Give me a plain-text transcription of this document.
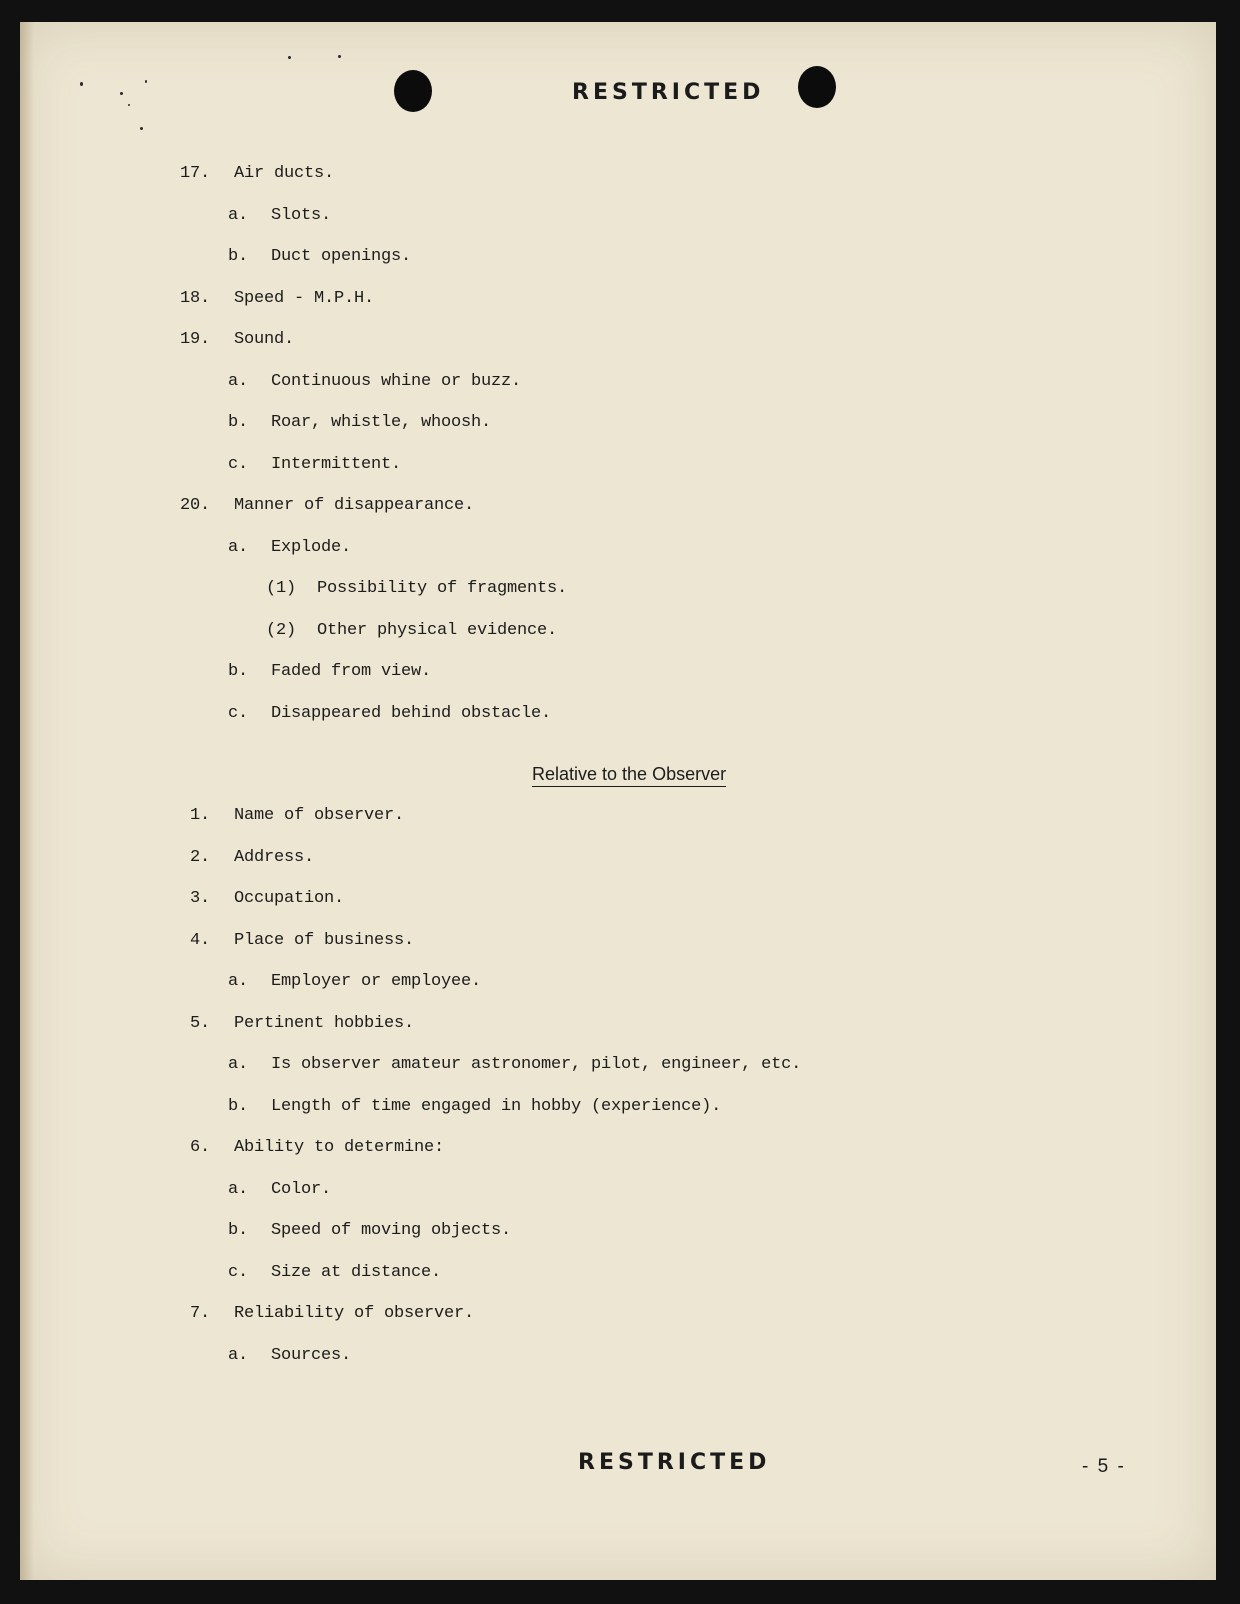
RESTRICTED
17. Air ducts.
a. Slots.
b. Duct openings.
18. Speed - M.P.H.
19. Sound.
a. Continuous whine or buzz.
b. Roar, whistle, whoosh.
c. Intermittent.
20. Manner of disappearance.
a. Explode.
(1) Possibility of fragments.
(2) Other physical evidence.
b. Faded from view.
c. Disappeared behind obstacle.
Relative to the Observer
1. Name of observer.
2. Address.
3. Occupation.
4. Place of business.
a. Employer or employee.
5. Pertinent hobbies.
a. Is observer amateur astronomer, pilot, engineer, etc.
b. Length of time engaged in hobby (experience).
6. Ability to determine:
a. Color.
b. Speed of moving objects.
c. Size at distance.
7. Reliability of observer.
a. Sources.
RESTRICTED	- 5 -
